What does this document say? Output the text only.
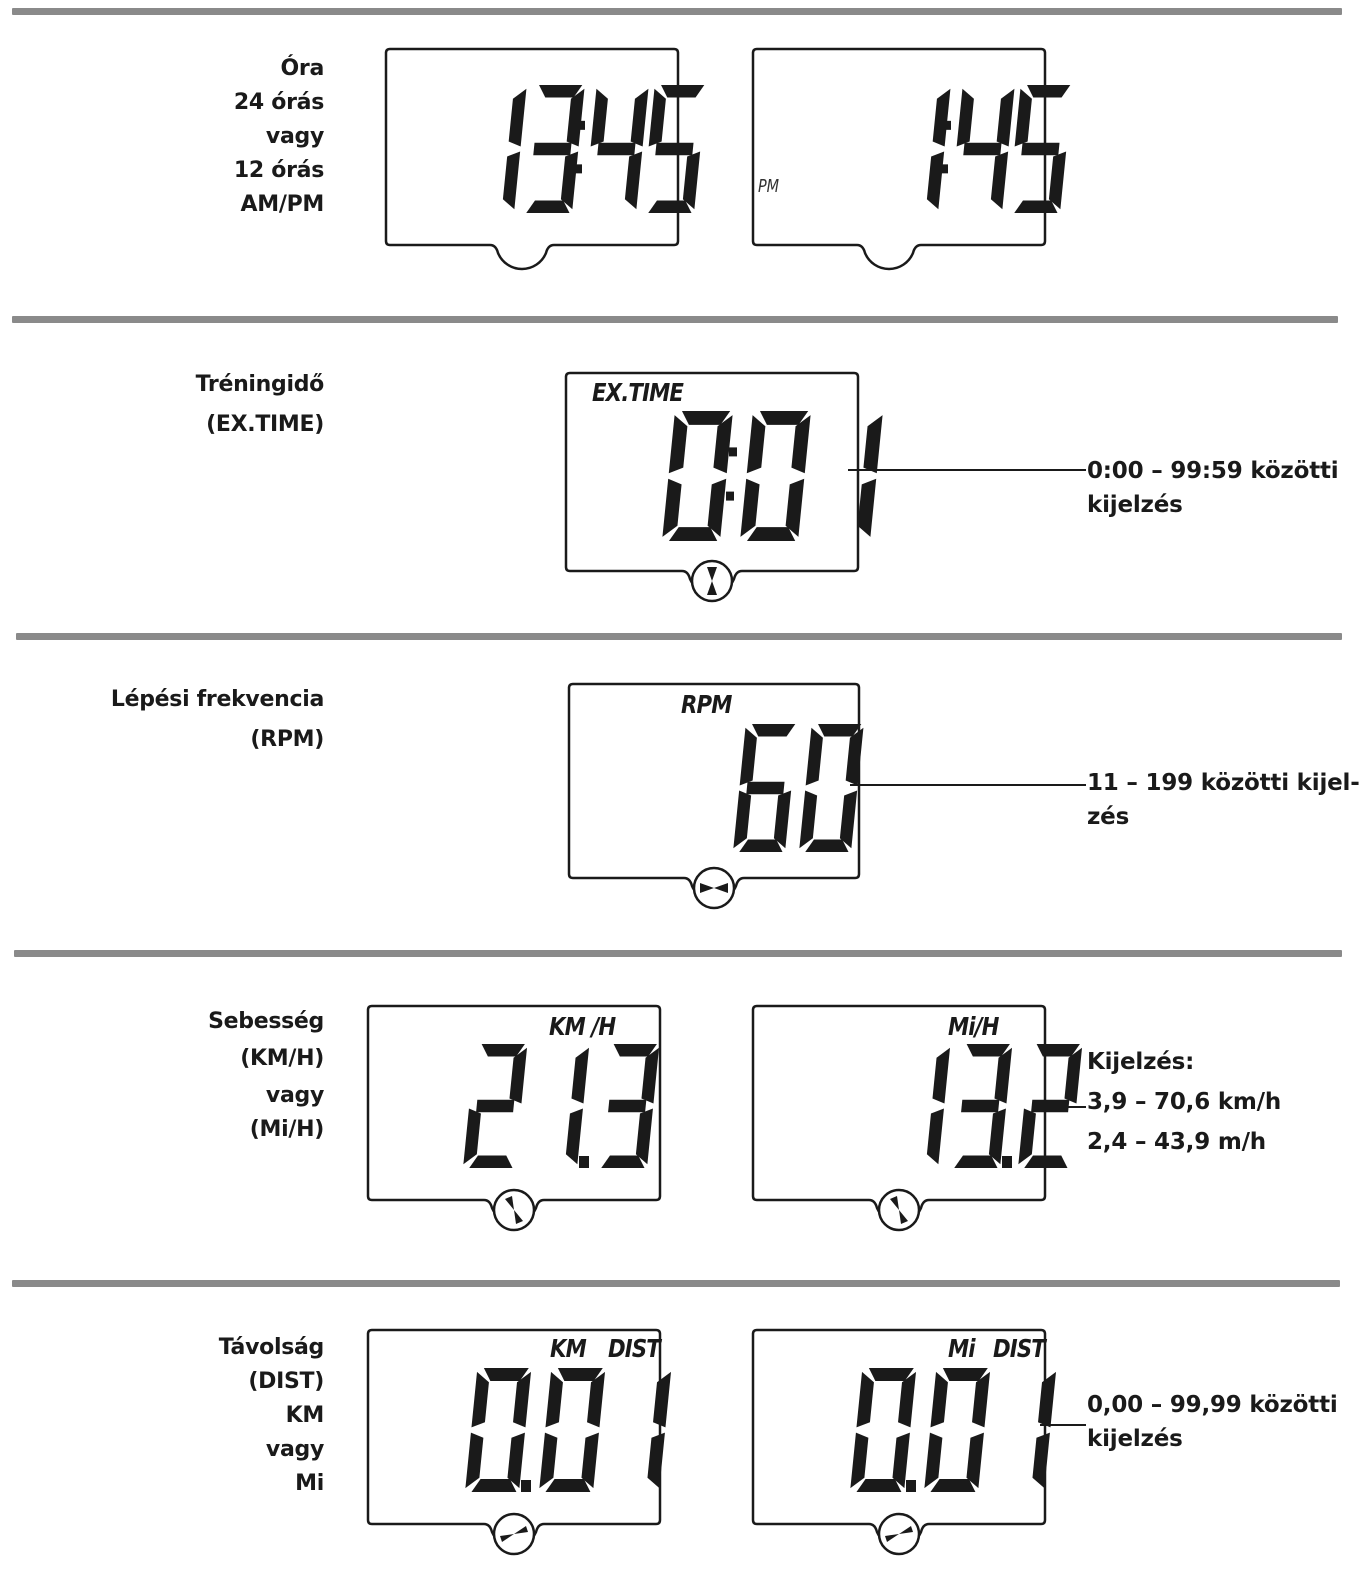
Óra
24 órás
vagy
12 órás
AM/PM
PM
Tréningidő
(EX.TIME)
EX.TIME
0:00 – 99:59 közötti
kijelzés
Lépési frekvencia
(RPM)
RPM
11 – 199 közötti kijel-
zés
Sebesség
(KM/H)
vagy
(Mi/H)
KM /H	Mi/H
Kijelzés:
3,9 – 70,6 km/h
2,4 – 43,9 m/h
Távolság
(DIST)
KM
vagy
Mi
KM DIST	Mi DIST
0,00 – 99,99 közötti
kijelzés
